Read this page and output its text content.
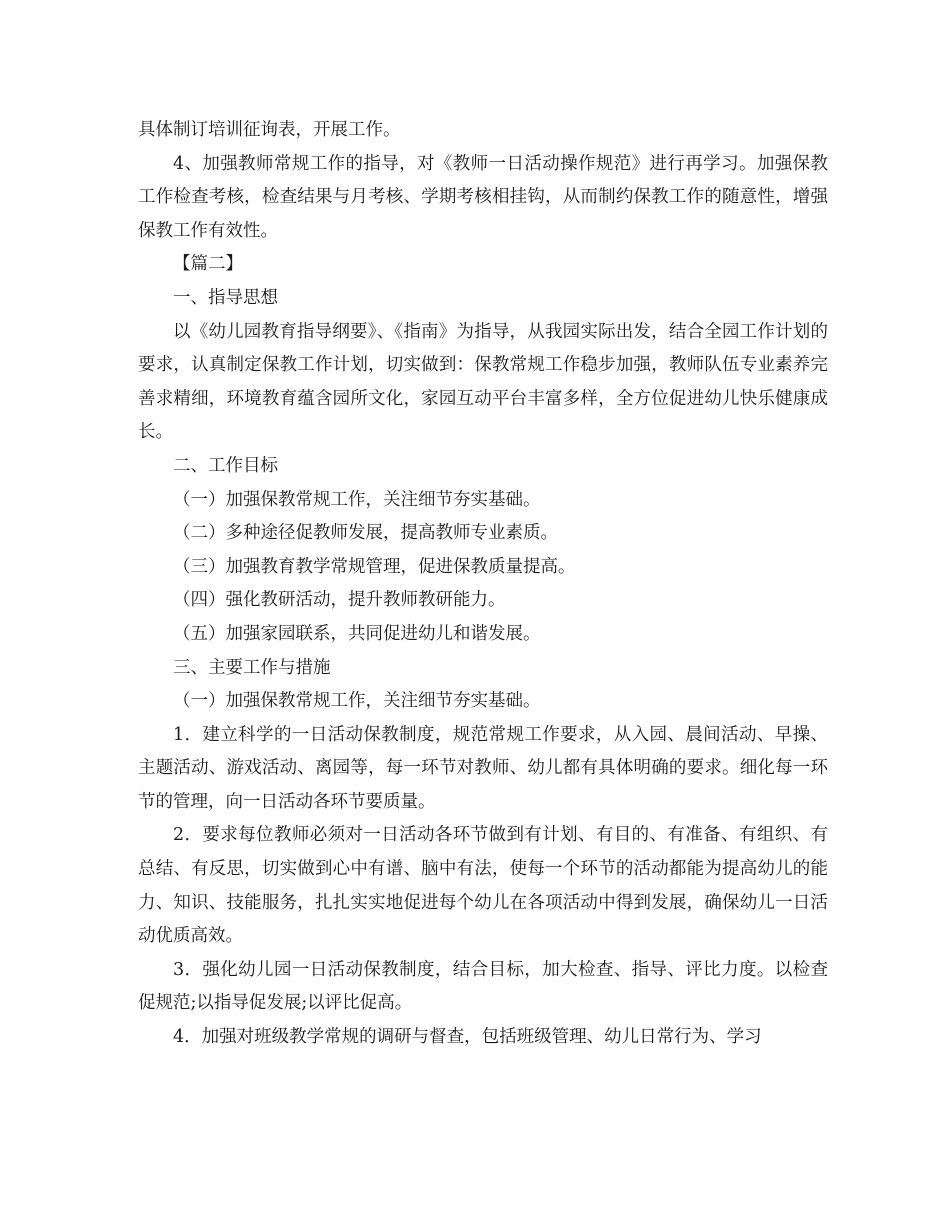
具体制订培训征询表，开展工作。

4、加强教师常规工作的指导，对《教师一日活动操作规范》进行再学习。加强保教工作检查考核，检查结果与月考核、学期考核相挂钩，从而制约保教工作的随意性，增强保教工作有效性。

【篇二】

一、指导思想

以《幼儿园教育指导纲要》、《指南》为指导，从我园实际出发，结合全园工作计划的要求，认真制定保教工作计划，切实做到：保教常规工作稳步加强，教师队伍专业素养完善求精细，环境教育蕴含园所文化，家园互动平台丰富多样，全方位促进幼儿快乐健康成长。

二、工作目标

（一）加强保教常规工作，关注细节夯实基础。

（二）多种途径促教师发展，提高教师专业素质。

（三）加强教育教学常规管理，促进保教质量提高。

（四）强化教研活动，提升教师教研能力。

（五）加强家园联系，共同促进幼儿和谐发展。

三、主要工作与措施

（一）加强保教常规工作，关注细节夯实基础。

1．建立科学的一日活动保教制度，规范常规工作要求，从入园、晨间活动、早操、主题活动、游戏活动、离园等，每一环节对教师、幼儿都有具体明确的要求。细化每一环节的管理，向一日活动各环节要质量。

2．要求每位教师必须对一日活动各环节做到有计划、有目的、有准备、有组织、有总结、有反思，切实做到心中有谱、脑中有法，使每一个环节的活动都能为提高幼儿的能力、知识、技能服务，扎扎实实地促进每个幼儿在各项活动中得到发展，确保幼儿一日活动优质高效。

3．强化幼儿园一日活动保教制度，结合目标，加大检查、指导、评比力度。以检查促规范;以指导促发展;以评比促高。

4．加强对班级教学常规的调研与督查，包括班级管理、幼儿日常行为、学习
